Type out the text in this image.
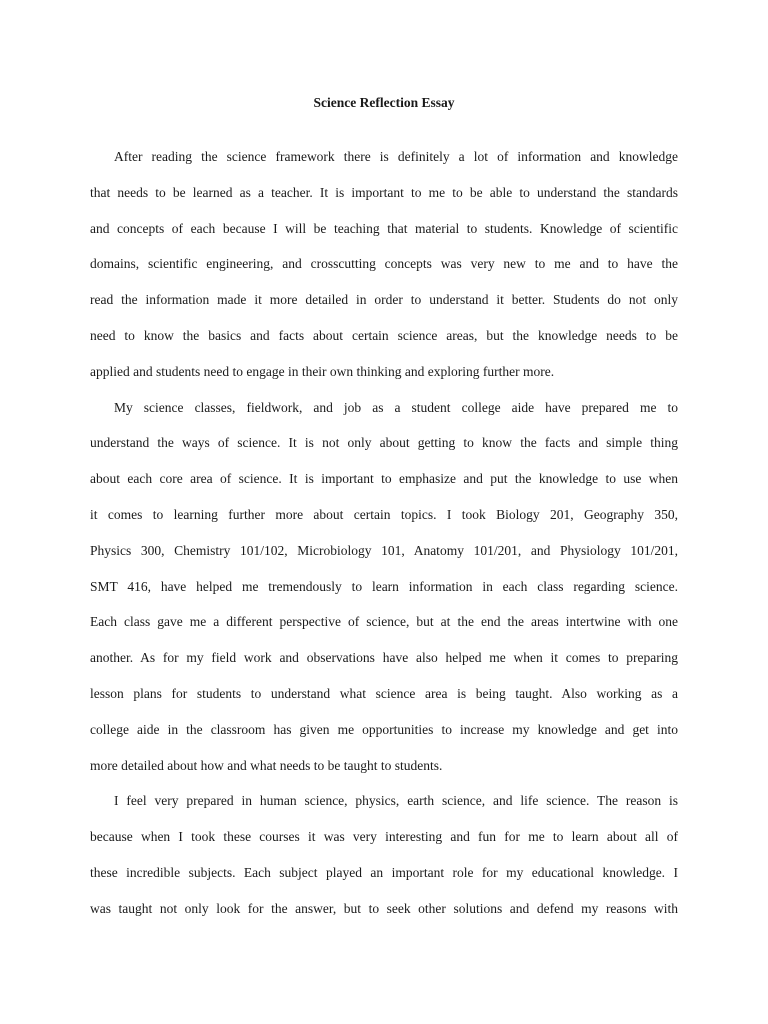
Science Reflection Essay
After reading the science framework there is definitely a lot of information and knowledge
that needs to be learned as a teacher. It is important to me to be able to understand the standards
and concepts of each because I will be teaching that material to students. Knowledge of scientific
domains, scientific engineering, and crosscutting concepts was very new to me and to have the
read the information made it more detailed in order to understand it better. Students do not only
need to know the basics and facts about certain science areas, but the knowledge needs to be
applied and students need to engage in their own thinking and exploring further more.
My science classes, fieldwork, and job as a student college aide have prepared me to
understand the ways of science. It is not only about getting to know the facts and simple thing
about each core area of science. It is important to emphasize and put the knowledge to use when
it comes to learning further more about certain topics. I took Biology 201, Geography 350,
Physics 300, Chemistry 101/102, Microbiology 101, Anatomy 101/201, and Physiology 101/201,
SMT 416, have helped me tremendously to learn information in each class regarding science.
Each class gave me a different perspective of science, but at the end the areas intertwine with one
another. As for my field work and observations have also helped me when it comes to preparing
lesson plans for students to understand what science area is being taught. Also working as a
college aide in the classroom has given me opportunities to increase my knowledge and get into
more detailed about how and what needs to be taught to students.
I feel very prepared in human science, physics, earth science, and life science. The reason is
because when I took these courses it was very interesting and fun for me to learn about all of
these incredible subjects. Each subject played an important role for my educational knowledge. I
was taught not only look for the answer, but to seek other solutions and defend my reasons with
